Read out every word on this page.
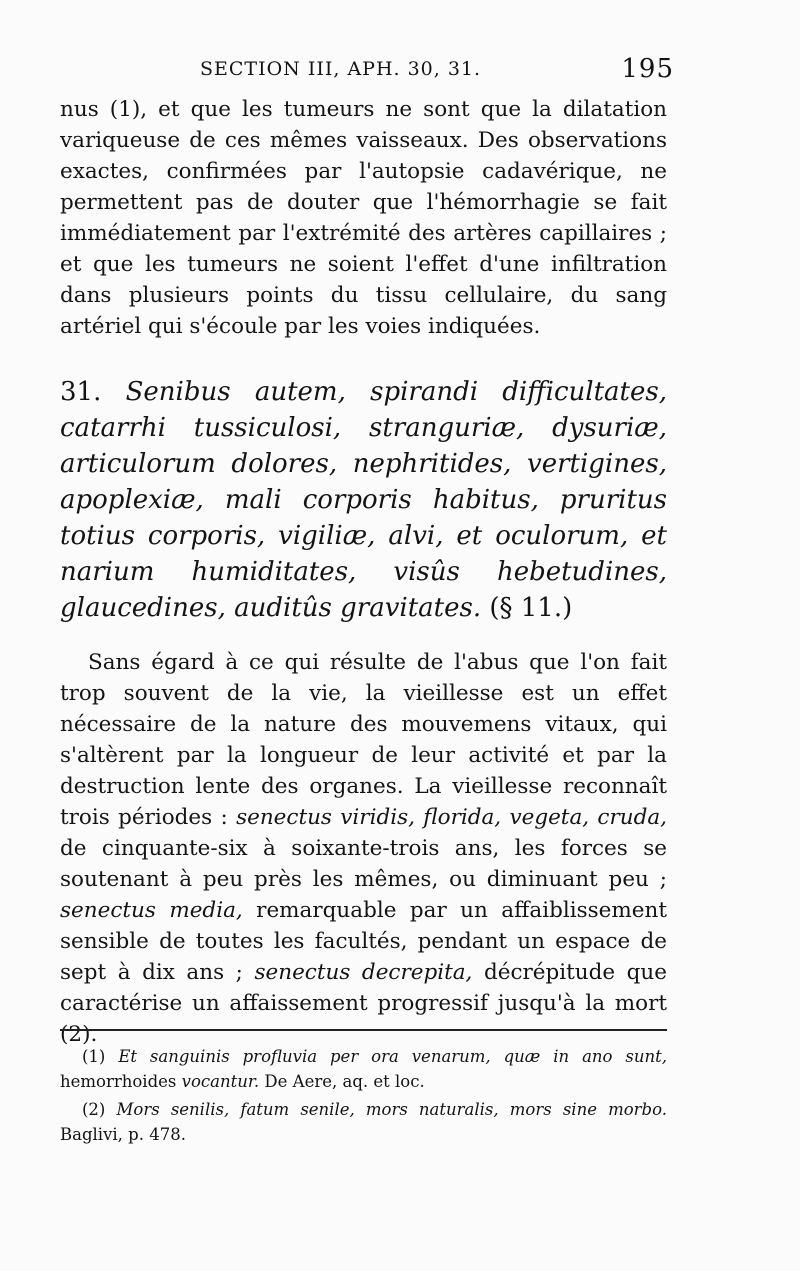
SECTION III, APH. 30, 31.	195

nus (1), et que les tumeurs ne sont que la dilatation variqueuse de ces mêmes vaisseaux. Des observations exactes, confirmées par l'autopsie cadavérique, ne permettent pas de douter que l'hémorrhagie se fait immédiatement par l'extrémité des artères capillaires ; et que les tumeurs ne soient l'effet d'une infiltration dans plusieurs points du tissu cellulaire, du sang artériel qui s'écoule par les voies indiquées.

31. Senibus autem, spirandi difficultates, catarrhi tussiculosi, stranguriæ, dysuriæ, articulorum dolores, nephritides, vertigines, apoplexiæ, mali corporis habitus, pruritus totius corporis, vigiliæ, alvi, et oculorum, et narium humiditates, visûs hebetudines, glaucedines, auditûs gravitates. (§ 11.)

Sans égard à ce qui résulte de l'abus que l'on fait trop souvent de la vie, la vieillesse est un effet nécessaire de la nature des mouvemens vitaux, qui s'altèrent par la longueur de leur activité et par la destruction lente des organes. La vieillesse reconnaît trois périodes : senectus viridis, florida, vegeta, cruda, de cinquante-six à soixante-trois ans, les forces se soutenant à peu près les mêmes, ou diminuant peu ; senectus media, remarquable par un affaiblissement sensible de toutes les facultés, pendant un espace de sept à dix ans ; senectus decrepita, décrépitude que caractérise un affaissement progressif jusqu'à la mort (2).

(1) Et sanguinis profluvia per ora venarum, quæ in ano sunt, hemorrhoides vocantur. De Aere, aq. et loc.

(2) Mors senilis, fatum senile, mors naturalis, mors sine morbo. Baglivi, p. 478.
